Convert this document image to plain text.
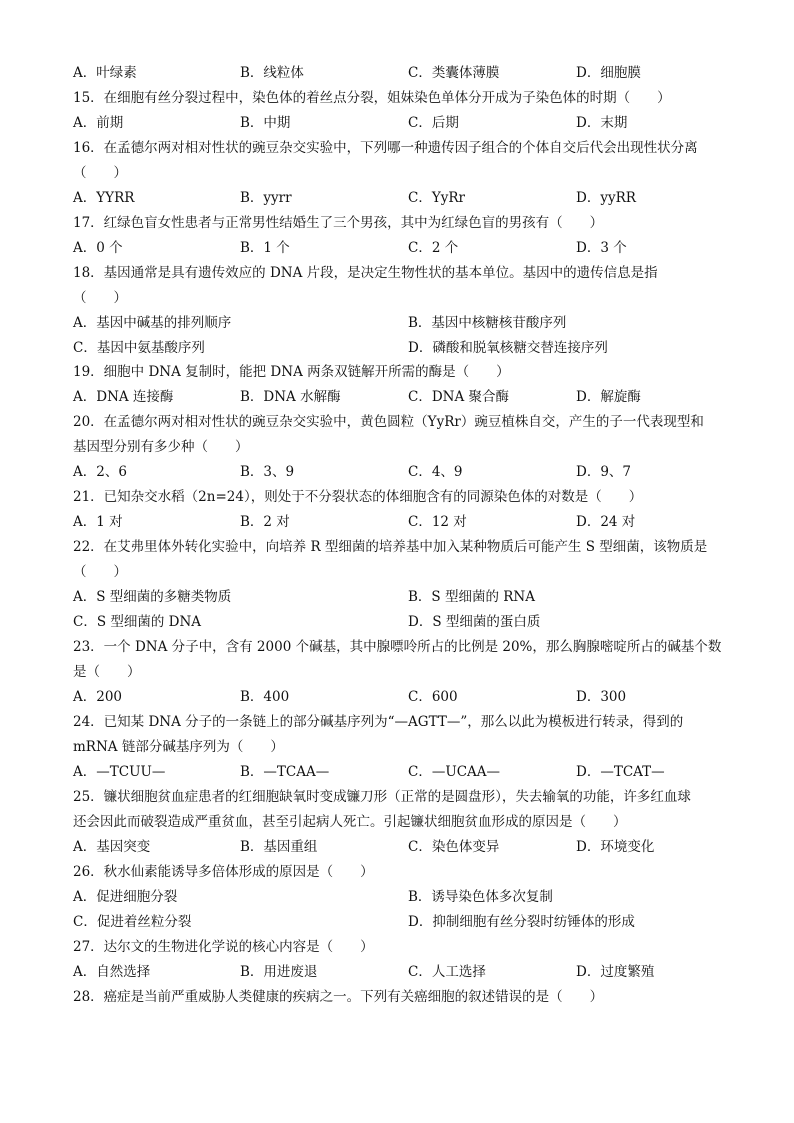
A．叶绿素	B．线粒体	C．类囊体薄膜	D．细胞膜
15．在细胞有丝分裂过程中，染色体的着丝点分裂，姐妹染色单体分开成为子染色体的时期（　　）
A．前期	B．中期	C．后期	D．末期
16．在孟德尔两对相对性状的豌豆杂交实验中，下列哪一种遗传因子组合的个体自交后代会出现性状分离
（　　）
A．YYRR	B．yyrr	C．YyRr	D．yyRR
17．红绿色盲女性患者与正常男性结婚生了三个男孩，其中为红绿色盲的男孩有（　　）
A．0 个	B．1 个	C．2 个	D．3 个
18．基因通常是具有遗传效应的 DNA 片段，是决定生物性状的基本单位。基因中的遗传信息是指
（　　）
A．基因中碱基的排列顺序	B．基因中核糖核苷酸序列
C．基因中氨基酸序列	D．磷酸和脱氧核糖交替连接序列
19．细胞中 DNA 复制时，能把 DNA 两条双链解开所需的酶是（　　）
A．DNA 连接酶	B．DNA 水解酶	C．DNA 聚合酶	D．解旋酶
20．在孟德尔两对相对性状的豌豆杂交实验中，黄色圆粒（YyRr）豌豆植株自交，产生的子一代表现型和
基因型分别有多少种（　　）
A．2、6	B．3、9	C．4、9	D．9、7
21．已知杂交水稻（2n=24），则处于不分裂状态的体细胞含有的同源染色体的对数是（　　）
A．1 对	B．2 对	C．12 对	D．24 对
22．在艾弗里体外转化实验中，向培养 R 型细菌的培养基中加入某种物质后可能产生 S 型细菌，该物质是
（　　）
A．S 型细菌的多糖类物质	B．S 型细菌的 RNA
C．S 型细菌的 DNA	D．S 型细菌的蛋白质
23．一个 DNA 分子中，含有 2000 个碱基，其中腺嘌呤所占的比例是 20%，那么胸腺嘧啶所占的碱基个数
是（　　）
A．200	B．400	C．600	D．300
24．已知某 DNA 分子的一条链上的部分碱基序列为“—AGTT—”，那么以此为模板进行转录，得到的
mRNA 链部分碱基序列为（　　）
A．—TCUU—	B．—TCAA—	C．—UCAA—	D．—TCAT—
25．镰状细胞贫血症患者的红细胞缺氧时变成镰刀形（正常的是圆盘形），失去输氧的功能，许多红血球
还会因此而破裂造成严重贫血，甚至引起病人死亡。引起镰状细胞贫血形成的原因是（　　）
A．基因突变	B．基因重组	C．染色体变异	D．环境变化
26．秋水仙素能诱导多倍体形成的原因是（　　）
A．促进细胞分裂	B．诱导染色体多次复制
C．促进着丝粒分裂	D．抑制细胞有丝分裂时纺锤体的形成
27．达尔文的生物进化学说的核心内容是（　　）
A．自然选择	B．用进废退	C．人工选择	D．过度繁殖
28．癌症是当前严重威胁人类健康的疾病之一。下列有关癌细胞的叙述错误的是（　　）
